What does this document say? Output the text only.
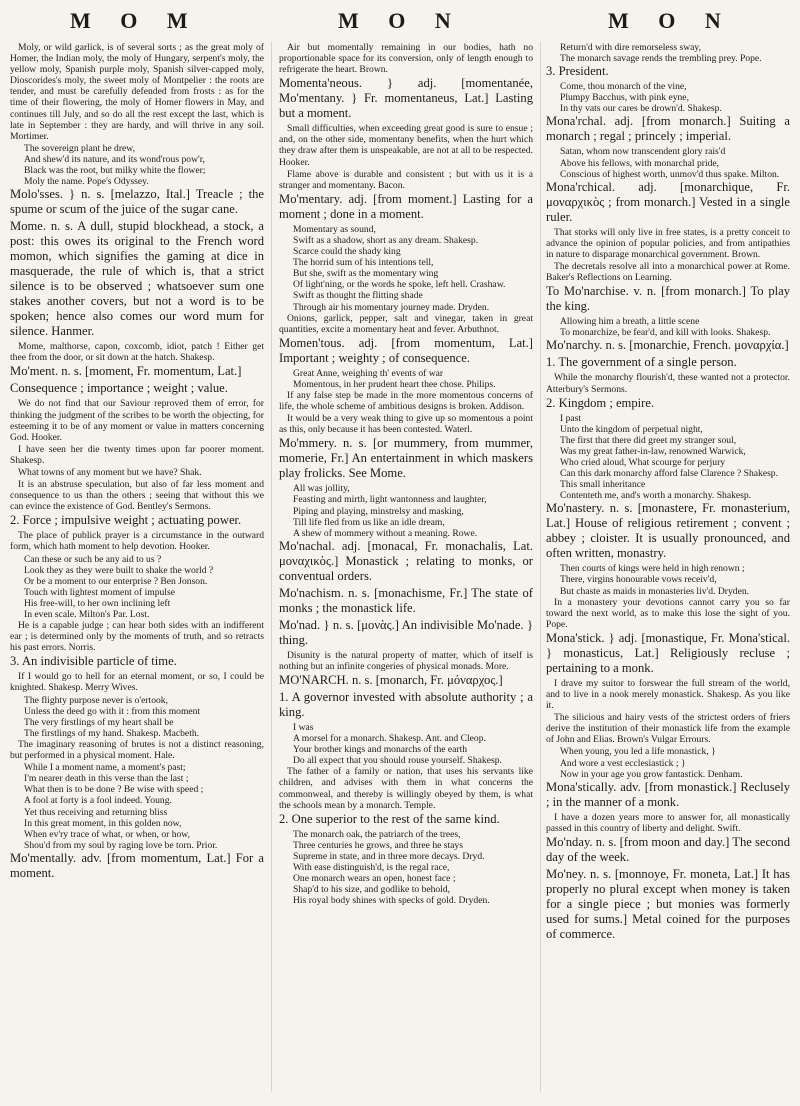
M O M	M O N	M O N

Moly, or wild garlick, is of several sorts ; as the great moly of Homer, the Indian moly, the moly of Hungary, serpent's moly, the yellow moly, Spanish purple moly, Spanish silver-capped moly, Dioscorides's moly, the sweet moly of Montpelier : the roots are tender, and must be carefully defended from frosts : as for the time of their flowering, the moly of Homer flowers in May, and continues till July, and so do all the rest except the last, which is late in September : they are hardy, and will thrive in any soil. Mortimer.

The sovereign plant he drew,

And shew'd its nature, and its wond'rous pow'r,

Black was the root, but milky white the flower;

Moly the name. Pope's Odyssey.

Molo'sses. } n. s. [melazzo, Ital.] Treacle ; the spume or scum of the juice of the sugar cane.

Mome. n. s. A dull, stupid blockhead, a stock, a post: this owes its original to the French word momon, which signifies the gaming at dice in masquerade, the rule of which is, that a strict silence is to be observed ; whatsoever sum one stakes another covers, but not a word is to be spoken; hence also comes our word mum for silence. Hanmer.

Mome, malthorse, capon, coxcomb, idiot, patch ! Either get thee from the door, or sit down at the hatch. Shakesp.

Mo'ment. n. s. [moment, Fr. momentum, Lat.]

Consequence ; importance ; weight ; value.

We do not find that our Saviour reproved them of error, for thinking the judgment of the scribes to be worth the objecting, for esteeming it to be of any moment or value in matters concerning God. Hooker.

I have seen her die twenty times upon far poorer moment. Shakesp.

What towns of any moment but we have? Shak.

It is an abstruse speculation, but also of far less moment and consequence to us than the others ; seeing that without this we can evince the existence of God. Bentley's Sermons.

2. Force ; impulsive weight ; actuating power.

The place of publick prayer is a circumstance in the outward form, which hath moment to help devotion. Hooker.

Can these or such be any aid to us ?

Look they as they were built to shake the world ?

Or be a moment to our enterprise ? Ben Jonson.

Touch with lightest moment of impulse

His free-will, to her own inclining left

In even scale. Milton's Par. Lost.

He is a capable judge ; can hear both sides with an indifferent ear ; is determined only by the moments of truth, and so retracts his past errors. Norris.

3. An indivisible particle of time.

If I would go to hell for an eternal moment, or so, I could be knighted. Shakesp. Merry Wives.

The flighty purpose never is o'ertook,

Unless the deed go with it : from this moment

The very firstlings of my heart shall be

The firstlings of my hand. Shakesp. Macbeth.

The imaginary reasoning of brutes is not a distinct reasoning, but performed in a physical moment. Hale.

While I a moment name, a moment's past;

I'm nearer death in this verse than the last ;

What then is to be done ? Be wise with speed ;

A fool at forty is a fool indeed. Young.

Yet thus receiving and returning bliss

In this great moment, in this golden now,

When ev'ry trace of what, or when, or how,

Shou'd from my soul by raging love be torn. Prior.

Mo'mentally. adv. [from momentum, Lat.] For a moment.

Air but momentally remaining in our bodies, hath no proportionable space for its conversion, only of length enough to refrigerate the heart. Brown.

Momenta'neous. } adj. [momentanée, Mo'mentany. } Fr. momentaneus, Lat.] Lasting but a moment.

Small difficulties, when exceeding great good is sure to ensue ; and, on the other side, momentany benefits, when the hurt which they draw after them is unspeakable, are not at all to be respected. Hooker.

Flame above is durable and consistent ; but with us it is a stranger and momentany. Bacon.

Mo'mentary. adj. [from moment.] Lasting for a moment ; done in a moment.

Momentary as sound,

Swift as a shadow, short as any dream. Shakesp.

Scarce could the shady king

The horrid sum of his intentions tell,

But she, swift as the momentary wing

Of light'ning, or the words he spoke, left hell. Crashaw.

Swift as thought the flitting shade

Through air his momentary journey made. Dryden.

Onions, garlick, pepper, salt and vinegar, taken in great quantities, excite a momentary heat and fever. Arbuthnot.

Momen'tous. adj. [from momentum, Lat.] Important ; weighty ; of consequence.

Great Anne, weighing th' events of war

Momentous, in her prudent heart thee chose. Philips.

If any false step be made in the more momentous concerns of life, the whole scheme of ambitious designs is broken. Addison.

It would be a very weak thing to give up so momentous a point as this, only because it has been contested. Waterl.

Mo'mmery. n. s. [or mummery, from mummer, momerie, Fr.] An entertainment in which maskers play frolicks. See Mome.

All was jollity,

Feasting and mirth, light wantonness and laughter,

Piping and playing, minstrelsy and masking,

Till life fled from us like an idle dream,

A shew of mommery without a meaning. Rowe.

Mo'nachal. adj. [monacal, Fr. monachalis, Lat. μοναχικὸς.] Monastick ; relating to monks, or conventual orders.

Mo'nachism. n. s. [monachisme, Fr.] The state of monks ; the monastick life.

Mo'nad. } n. s. [μονὰς.] An indivisible Mo'nade. } thing.

Disunity is the natural property of matter, which of itself is nothing but an infinite congeries of physical monads. More.

MO'NARCH. n. s. [monarch, Fr. μόναρχος.]

1. A governor invested with absolute authority ; a king.

I was

A morsel for a monarch. Shakesp. Ant. and Cleop.

Your brother kings and monarchs of the earth

Do all expect that you should rouse yourself. Shakesp.

The father of a family or nation, that uses his servants like children, and advises with them in what concerns the commonweal, and thereby is willingly obeyed by them, is what the schools mean by a monarch. Temple.

2. One superior to the rest of the same kind.

The monarch oak, the patriarch of the trees,

Three centuries he grows, and three he stays

Supreme in state, and in three more decays. Dryd.

With ease distinguish'd, is the regal race,

One monarch wears an open, honest face ;

Shap'd to his size, and godlike to behold,

His royal body shines with specks of gold. Dryden.

Return'd with dire remorseless sway,

The monarch savage rends the trembling prey. Pope.

3. President.

Come, thou monarch of the vine,

Plumpy Bacchus, with pink eyne,

In thy vats our cares be drown'd. Shakesp.

Mona'rchal. adj. [from monarch.] Suiting a monarch ; regal ; princely ; imperial.

Satan, whom now transcendent glory rais'd

Above his fellows, with monarchal pride,

Conscious of highest worth, unmov'd thus spake. Milton.

Mona'rchical. adj. [monarchique, Fr. μοναρχικὸς ; from monarch.] Vested in a single ruler.

That storks will only live in free states, is a pretty conceit to advance the opinion of popular policies, and from antipathies in nature to disparage monarchical government. Brown.

The decretals resolve all into a monarchical power at Rome. Baker's Reflections on Learning.

To Mo'narchise. v. n. [from monarch.] To play the king.

Allowing him a breath, a little scene

To monarchize, be fear'd, and kill with looks. Shakesp.

Mo'narchy. n. s. [monarchie, French. μοναρχία.]

1. The government of a single person.

While the monarchy flourish'd, these wanted not a protector. Atterbury's Sermons.

2. Kingdom ; empire.

I past

Unto the kingdom of perpetual night,

The first that there did greet my stranger soul,

Was my great father-in-law, renowned Warwick,

Who cried aloud, What scourge for perjury

Can this dark monarchy afford false Clarence ? Shakesp.

This small inheritance

Contenteth me, and's worth a monarchy. Shakesp.

Mo'nastery. n. s. [monastere, Fr. monasterium, Lat.] House of religious retirement ; convent ; abbey ; cloister. It is usually pronounced, and often written, monastry.

Then courts of kings were held in high renown ;

There, virgins honourable vows receiv'd,

But chaste as maids in monasteries liv'd. Dryden.

In a monastery your devotions cannot carry you so far toward the next world, as to make this lose the sight of you. Pope.

Mona'stick. } adj. [monastique, Fr. Mona'stical. } monasticus, Lat.] Religiously recluse ; pertaining to a monk.

I drave my suitor to forswear the full stream of the world, and to live in a nook merely monastick. Shakesp. As you like it.

The silicious and hairy vests of the strictest orders of friers derive the institution of their monastick life from the example of John and Elias. Brown's Vulgar Errours.

When young, you led a life monastick, }

And wore a vest ecclesiastick ; }

Now in your age you grow fantastick. Denham.

Mona'stically. adv. [from monastick.] Reclusely ; in the manner of a monk.

I have a dozen years more to answer for, all monastically passed in this country of liberty and delight. Swift.

Mo'nday. n. s. [from moon and day.] The second day of the week.

Mo'ney. n. s. [monnoye, Fr. moneta, Lat.] It has properly no plural except when money is taken for a single piece ; but monies was formerly used for sums.] Metal coined for the purposes of commerce.
